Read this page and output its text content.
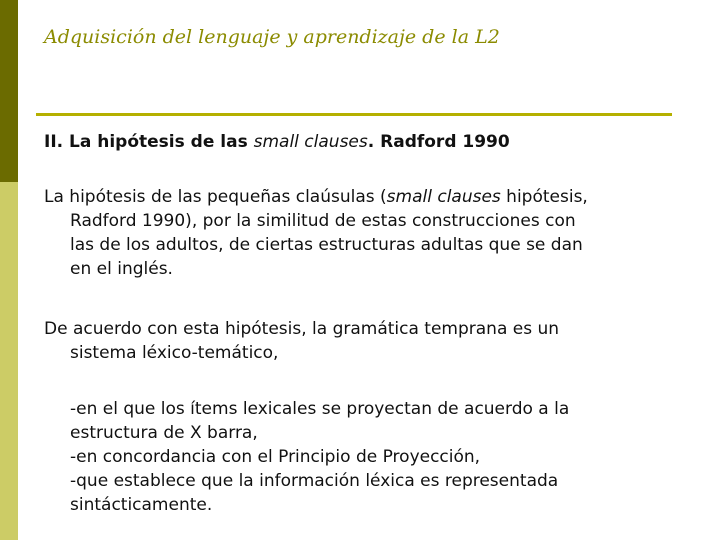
Adquisición del lenguaje y aprendizaje de la L2
II. La hipótesis de las small clauses. Radford 1990
La hipótesis de las pequeñas claúsulas (small clauses hipótesis,
Radford 1990), por la similitud de estas construcciones con
las de los adultos, de ciertas estructuras adultas que se dan
en el inglés.
De acuerdo con esta hipótesis, la gramática temprana es un
sistema léxico-temático,
-en el que los ítems lexicales se proyectan de acuerdo a la
estructura de X barra,
-en concordancia con el Principio de Proyección,
-que establece que la información léxica es representada
sintácticamente.
